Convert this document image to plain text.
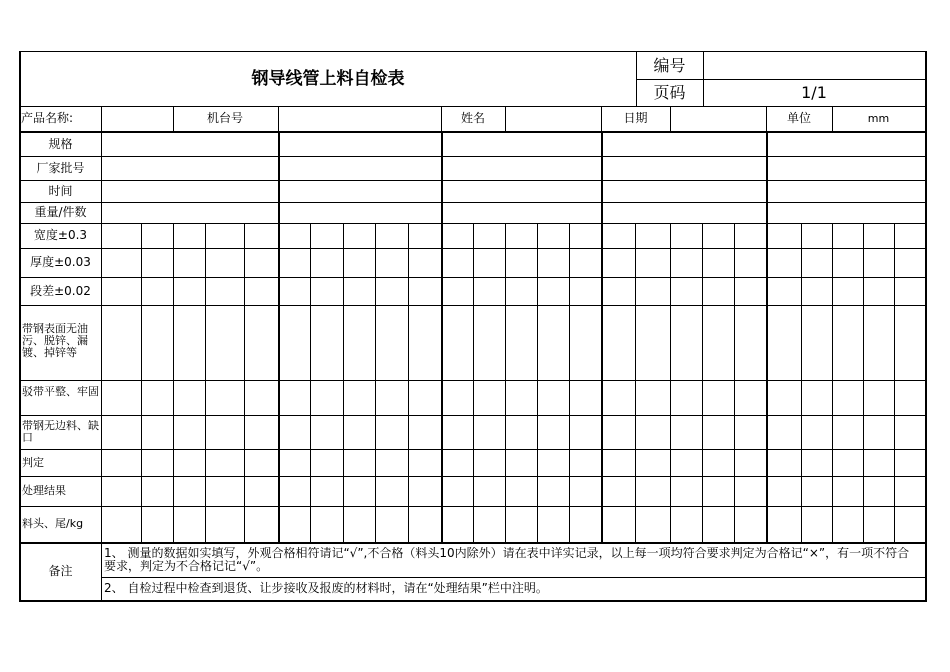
钢导线管上料自检表
编号
页码	1/1
产品名称:	机台号	姓名	日期	单位	mm
规格
厂家批号
时间
重量/件数
宽度±0.3
厚度±0.03
段差±0.02
带钢表面无油污、脱锌、漏镀、掉锌等
驳带平整、牢固
带钢无边料、缺口
判定
处理结果
料头、尾/kg
备注
1、 测量的数据如实填写，外观合格相符请记“√”,不合格（料头10内除外）请在表中详实记录，以上每一项均符合要求判定为合格记“×”，有一项不符合要求，判定为不合格记记“√”。
2、 自检过程中检查到退货、让步接收及报废的材料时，请在“处理结果”栏中注明。
